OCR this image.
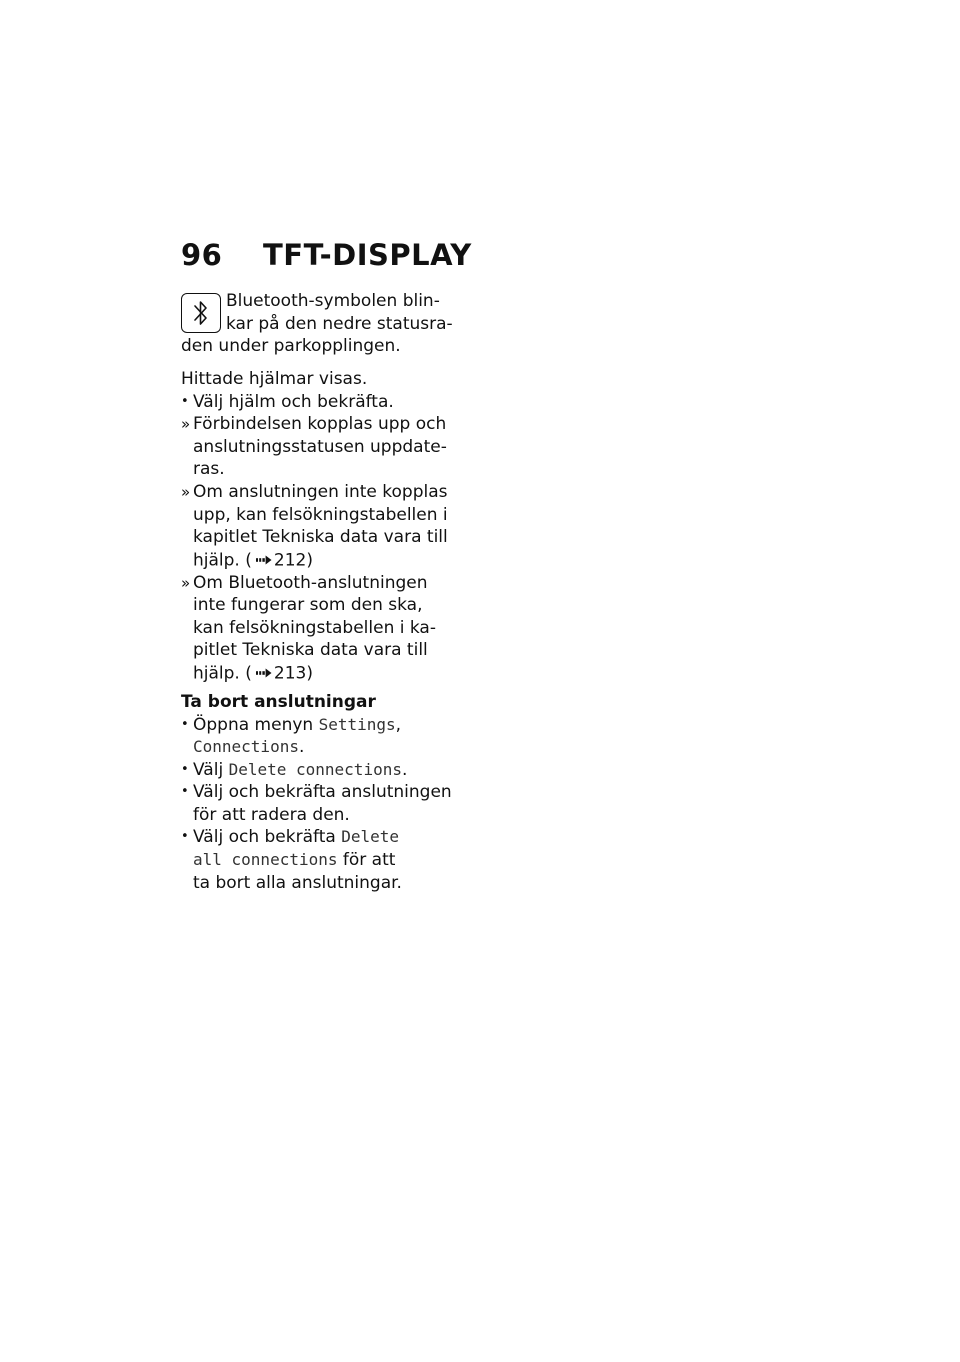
96 TFT-DISPLAY
Bluetooth-symbolen blin-
kar på den nedre statusra-
den under parkopplingen.
Hittade hjälmar visas.
• Välj hjälm och bekräfta.
» Förbindelsen kopplas upp och
anslutningsstatusen uppdate-
ras.
» Om anslutningen inte kopplas
upp, kan felsökningstabellen i
kapitlet Tekniska data vara till
hjälp. ( 212)
» Om Bluetooth-anslutningen
inte fungerar som den ska,
kan felsökningstabellen i ka-
pitlet Tekniska data vara till
hjälp. ( 213)
Ta bort anslutningar
• Öppna menyn Settings,
Connections.
• Välj Delete connections.
• Välj och bekräfta anslutningen
för att radera den.
• Välj och bekräfta Delete
all connections för att
ta bort alla anslutningar.
